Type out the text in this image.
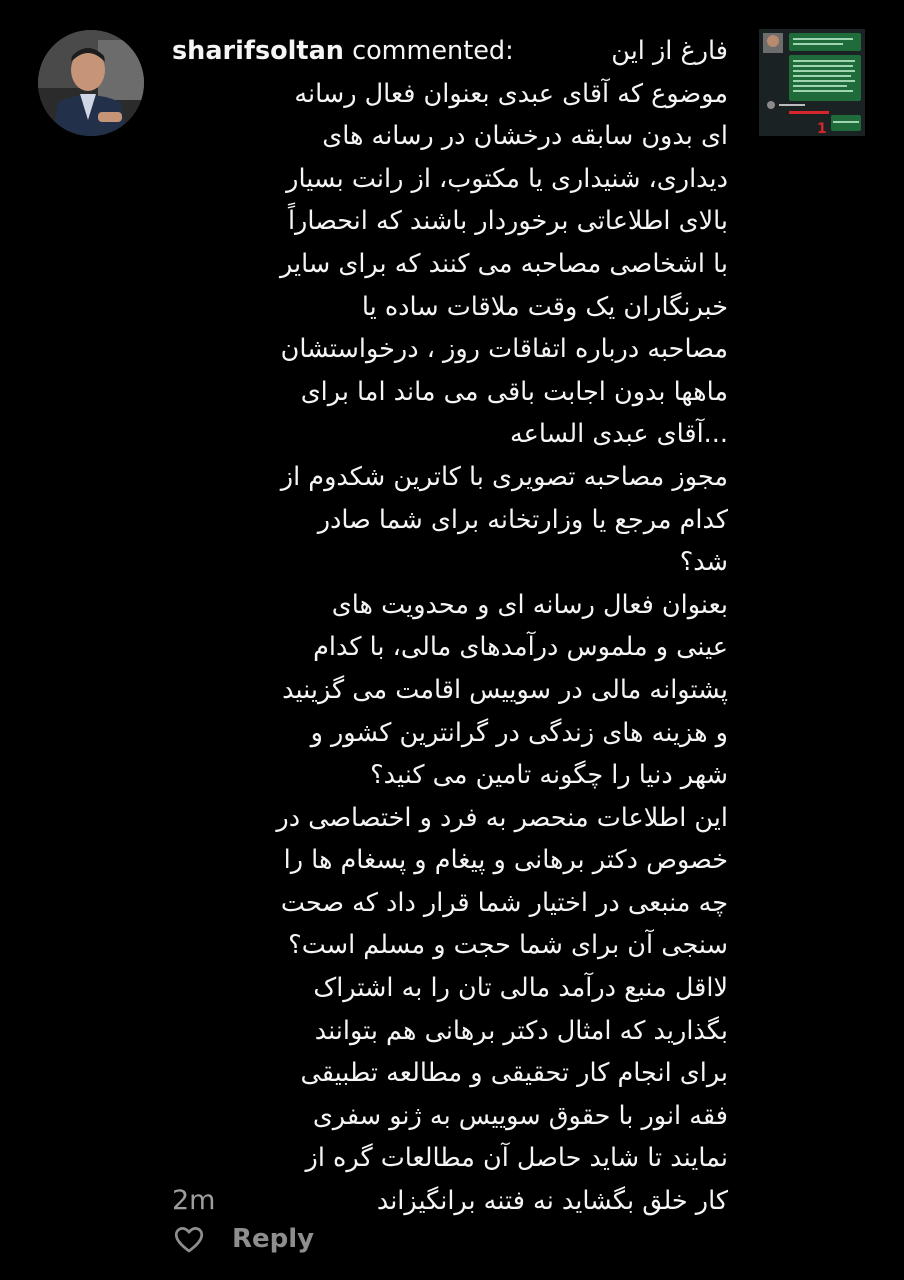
sharifsoltan commented:	فارغ از این
موضوع که آقای عبدی بعنوان فعال رسانه
ای بدون سابقه درخشان در رسانه های
دیداری، شنیداری یا مکتوب، از رانت بسیار
بالای اطلاعاتی برخوردار باشند که انحصاراً
با اشخاصی مصاحبه می کنند که برای سایر
خبرنگاران یک وقت ملاقات ساده یا
مصاحبه درباره اتفاقات روز ، درخواستشان
ماهها بدون اجابت باقی می ماند اما برای
...آقای عبدی الساعه
مجوز مصاحبه تصویری با کاترین شکدوم از
کدام مرجع یا وزارتخانه برای شما صادر
شد؟
بعنوان فعال رسانه ای و محدویت های
عینی و ملموس درآمدهای مالی، با کدام
پشتوانه مالی در سوییس اقامت می گزینید
و هزینه های زندگی در گرانترین کشور و
شهر دنیا را چگونه تامین می کنید؟
این اطلاعات منحصر به فرد و اختصاصی در
خصوص دکتر برهانی و پیغام و پسغام ها را
چه منبعی در اختیار شما قرار داد که صحت
سنجی آن برای شما حجت و مسلم است؟
لااقل منبع درآمد مالی تان را به اشتراک
بگذارید که امثال دکتر برهانی هم بتوانند
برای انجام کار تحقیقی و مطالعه تطبیقی
فقه انور با حقوق سوییس به ژنو سفری
نمایند تا شاید حاصل آن مطالعات گره از
2m	کار خلق بگشاید نه فتنه برانگیزاند
1
Reply
